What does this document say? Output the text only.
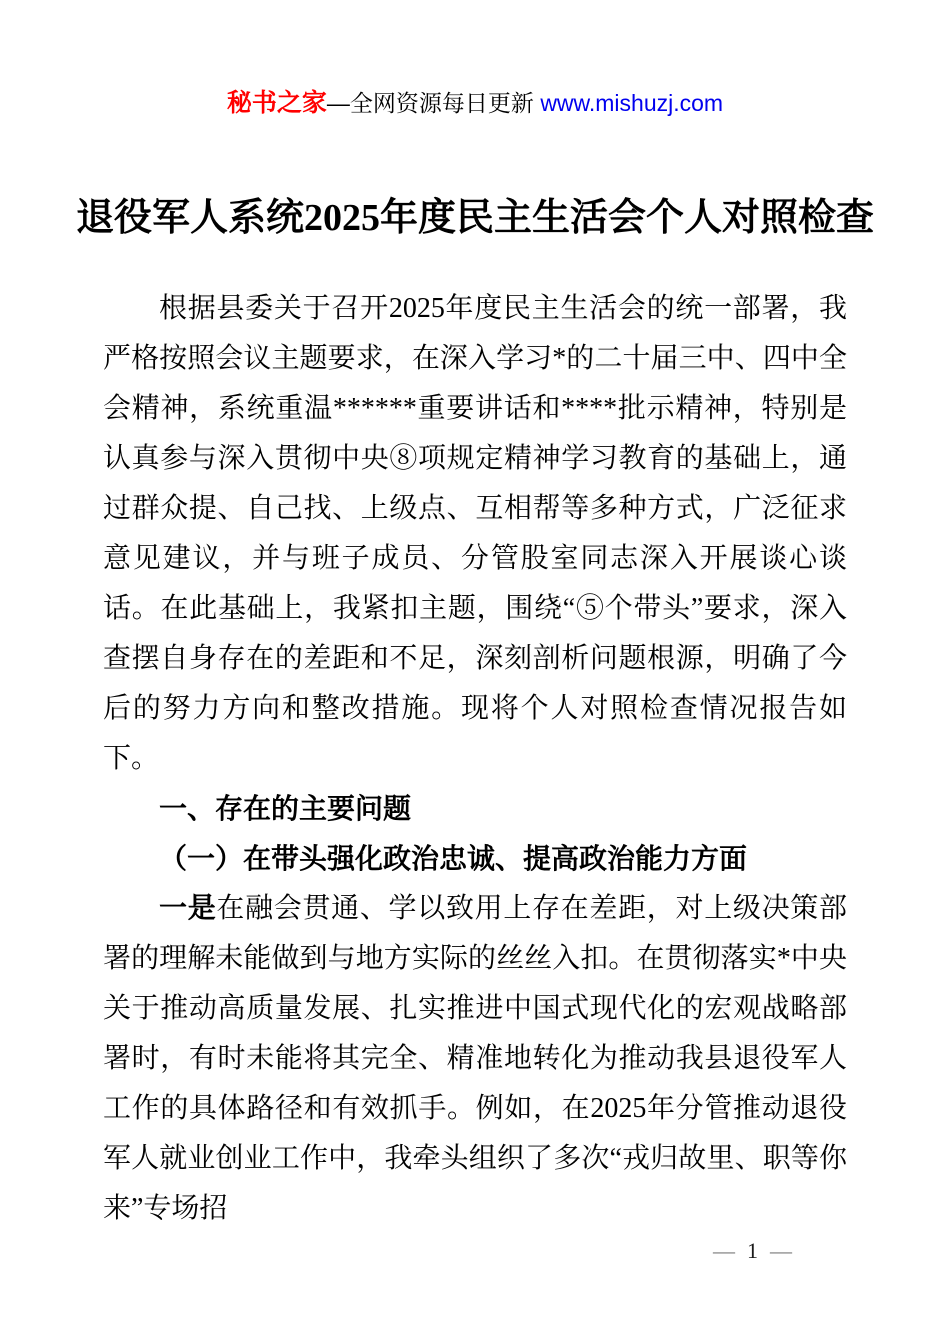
秘书之家—全网资源每日更新 www.mishuzj.com
退役军人系统2025年度民主生活会个人对照检查

根据县委关于召开2025年度民主生活会的统一部署，我严格按照会议主题要求，在深入学习*的二十届三中、四中全会精神，系统重温******重要讲话和****批示精神，特别是认真参与深入贯彻中央⑧项规定精神学习教育的基础上，通过群众提、自己找、上级点、互相帮等多种方式，广泛征求意见建议，并与班子成员、分管股室同志深入开展谈心谈话。在此基础上，我紧扣主题，围绕“⑤个带头”要求，深入查摆自身存在的差距和不足，深刻剖析问题根源，明确了今后的努力方向和整改措施。现将个人对照检查情况报告如下。

一、存在的主要问题

（一）在带头强化政治忠诚、提高政治能力方面

一是在融会贯通、学以致用上存在差距，对上级决策部署的理解未能做到与地方实际的丝丝入扣。在贯彻落实*中央关于推动高质量发展、扎实推进中国式现代化的宏观战略部署时，有时未能将其完全、精准地转化为推动我县退役军人工作的具体路径和有效抓手。例如，在2025年分管推动退役军人就业创业工作中，我牵头组织了多次“戎归故里、职等你来”专场招

— 1 —
